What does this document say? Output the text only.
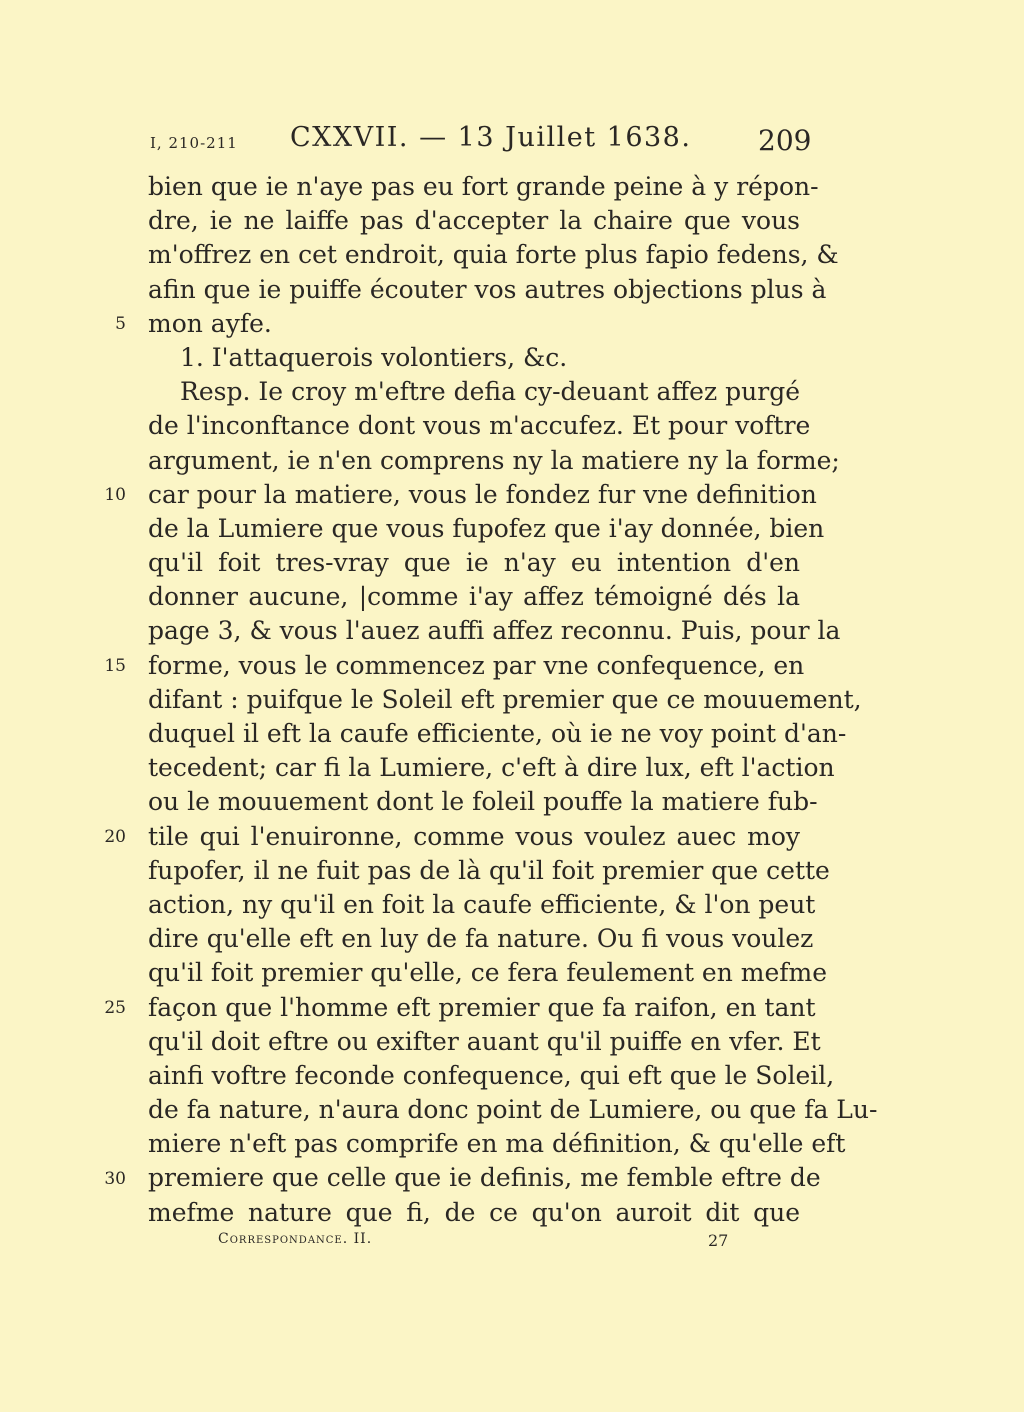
I, 210-211 CXXVII. — 13 Juillet 1638. 209
bien que ie n'aye pas eu fort grande peine à y répon-
dre, ie ne laiffe pas d'accepter la chaire que vous
m'offrez en cet endroit, quia forte plus fapio fedens, &
afin que ie puiffe écouter vos autres objections plus à
mon ayfe.
1. I'attaquerois volontiers, &c.
Resp. Ie croy m'eftre defia cy-deuant affez purgé
de l'inconftance dont vous m'accufez. Et pour voftre
argument, ie n'en comprens ny la matiere ny la forme;
car pour la matiere, vous le fondez fur vne definition
de la Lumiere que vous fupofez que i'ay donnée, bien
qu'il foit tres-vray que ie n'ay eu intention d'en
donner aucune, |comme i'ay affez témoigné dés la
page 3, & vous l'auez auffi affez reconnu. Puis, pour la
forme, vous le commencez par vne confequence, en
difant : puifque le Soleil eft premier que ce mouuement,
duquel il eft la caufe efficiente, où ie ne voy point d'an-
tecedent; car fi la Lumiere, c'eft à dire lux, eft l'action
ou le mouuement dont le foleil pouffe la matiere fub-
tile qui l'enuironne, comme vous voulez auec moy
fupofer, il ne fuit pas de là qu'il foit premier que cette
action, ny qu'il en foit la caufe efficiente, & l'on peut
dire qu'elle eft en luy de fa nature. Ou fi vous voulez
qu'il foit premier qu'elle, ce fera feulement en mefme
façon que l'homme eft premier que fa raifon, en tant
qu'il doit eftre ou exifter auant qu'il puiffe en vfer. Et
ainfi voftre feconde confequence, qui eft que le Soleil,
de fa nature, n'aura donc point de Lumiere, ou que fa Lu-
miere n'eft pas comprife en ma définition, & qu'elle eft
premiere que celle que ie definis, me femble eftre de
mefme nature que fi, de ce qu'on auroit dit que
5
10
15
20
25
30
Correspondance. II.	27
